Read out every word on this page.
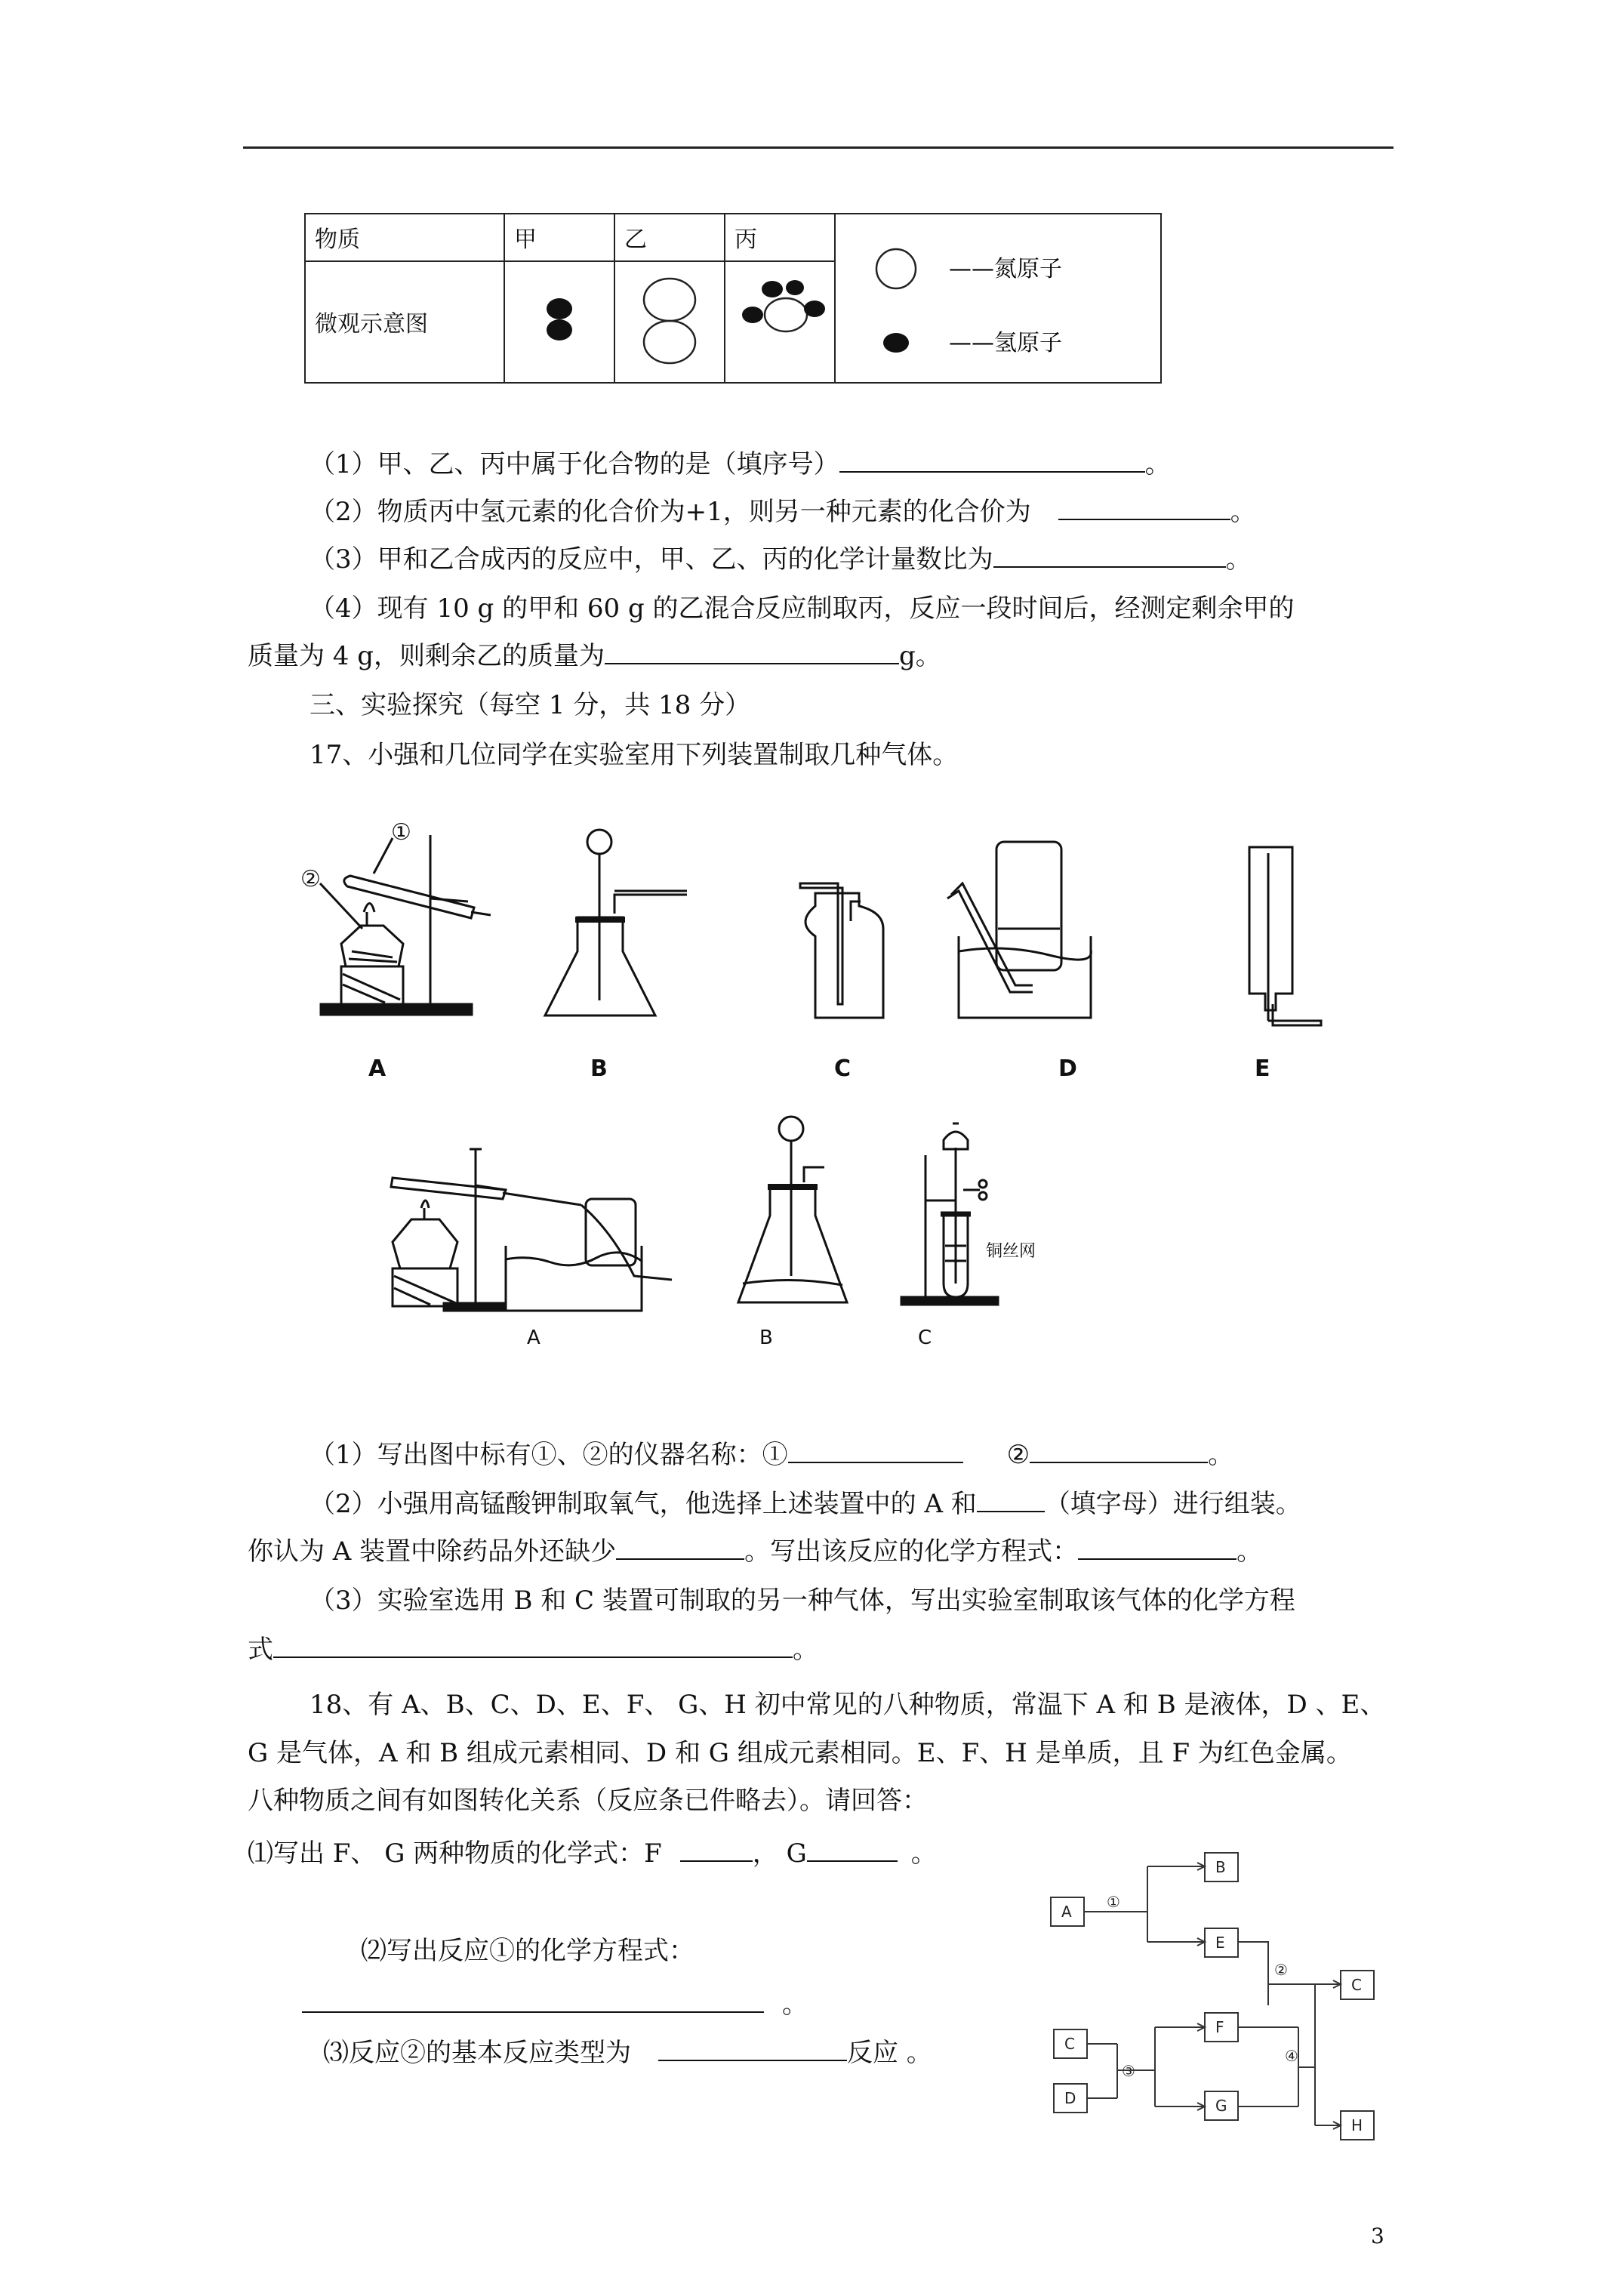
物质	甲	乙	丙	——氮原子
——氢原子

微观示意图			
（1）甲、乙、丙中属于化合物的是（填序号）	。
（2）物质丙中氢元素的化合价为+1，则另一种元素的化合价为	。
（3）甲和乙合成丙的反应中，甲、乙、丙的化学计量数比为	。
（4）现有 10 g 的甲和 60 g 的乙混合反应制取丙，反应一段时间后，经测定剩余甲的
质量为 4 g，则剩余乙的质量为	g。
三、实验探究（每空 1 分，共 18 分）
17、小强和几位同学在实验室用下列装置制取几种气体。
①
②
A	B	C	D	E
铜丝网
A	B	C
（1）写出图中标有①、②的仪器名称：①	②	。
（2）小强用高锰酸钾制取氧气，他选择上述装置中的 A 和	（填字母）进行组装。
你认为 A 装置中除药品外还缺少	。写出该反应的化学方程式：	。
（3）实验室选用 B 和 C 装置可制取的另一种气体，写出实验室制取该气体的化学方程
式	。
18、有 A、B、C、D、E、F、 G、H 初中常见的八种物质，常温下 A 和 B 是液体，D 、E、
G 是气体，A 和 B 组成元素相同、D 和 G 组成元素相同。E、F、H 是单质，且 F 为红色金属。
八种物质之间有如图转化关系（反应条已件略去）。请回答：
⑴写出 F、 G 两种物质的化学式：F	， G	。
⑵写出反应①的化学方程式：
。
⑶反应②的基本反应类型为	反应 。
A
B
E
C
F
C
D	G
H
①
②
③
④
3
